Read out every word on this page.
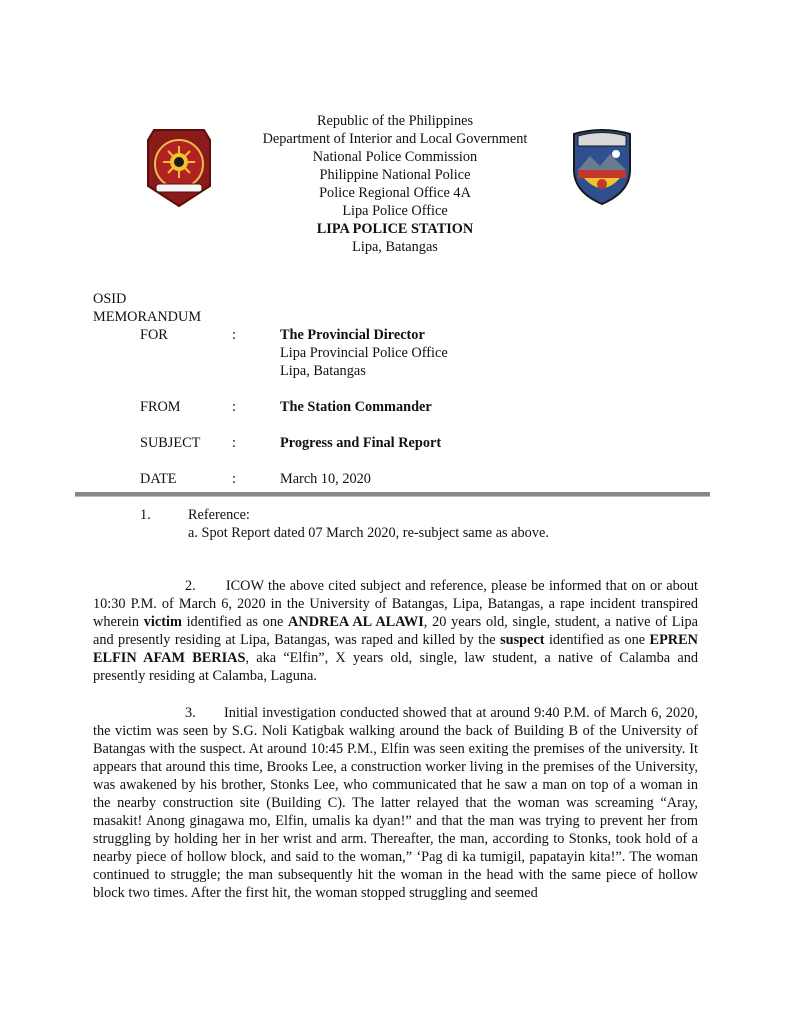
Republic of the Philippines
Department of Interior and Local Government
National Police Commission
Philippine National Police
Police Regional Office 4A
Lipa Police Office
LIPA POLICE STATION
Lipa, Batangas
OSID
MEMORANDUM
FOR	:	The Provincial Director
Lipa Provincial Police Office
Lipa, Batangas
FROM	:	The Station Commander
SUBJECT :	Progress and Final Report
DATE	:	March 10, 2020
1.	Reference:
a. Spot Report dated 07 March 2020, re-subject same as above.
2. ICOW the above cited subject and reference, please be informed that on or about 10:30 P.M. of March 6, 2020 in the University of Batangas, Lipa, Batangas, a rape incident transpired wherein victim identified as one ANDREA AL ALAWI, 20 years old, single, student, a native of Lipa and presently residing at Lipa, Batangas, was raped and killed by the suspect identified as one EPREN ELFIN AFAM BERIAS, aka “Elfin”, X years old, single, law student, a native of Calamba and presently residing at Calamba, Laguna.
3. Initial investigation conducted showed that at around 9:40 P.M. of March 6, 2020, the victim was seen by S.G. Noli Katigbak walking around the back of Building B of the University of Batangas with the suspect. At around 10:45 P.M., Elfin was seen exiting the premises of the university. It appears that around this time, Brooks Lee, a construction worker living in the premises of the University, was awakened by his brother, Stonks Lee, who communicated that he saw a man on top of a woman in the nearby construction site (Building C). The latter relayed that the woman was screaming “Aray, masakit! Anong ginagawa mo, Elfin, umalis ka dyan!” and that the man was trying to prevent her from struggling by holding her in her wrist and arm. Thereafter, the man, according to Stonks, took hold of a nearby piece of hollow block, and said to the woman,” ‘Pag di ka tumigil, papatayin kita!”. The woman continued to struggle; the man subsequently hit the woman in the head with the same piece of hollow block two times. After the first hit, the woman stopped struggling and seemed
